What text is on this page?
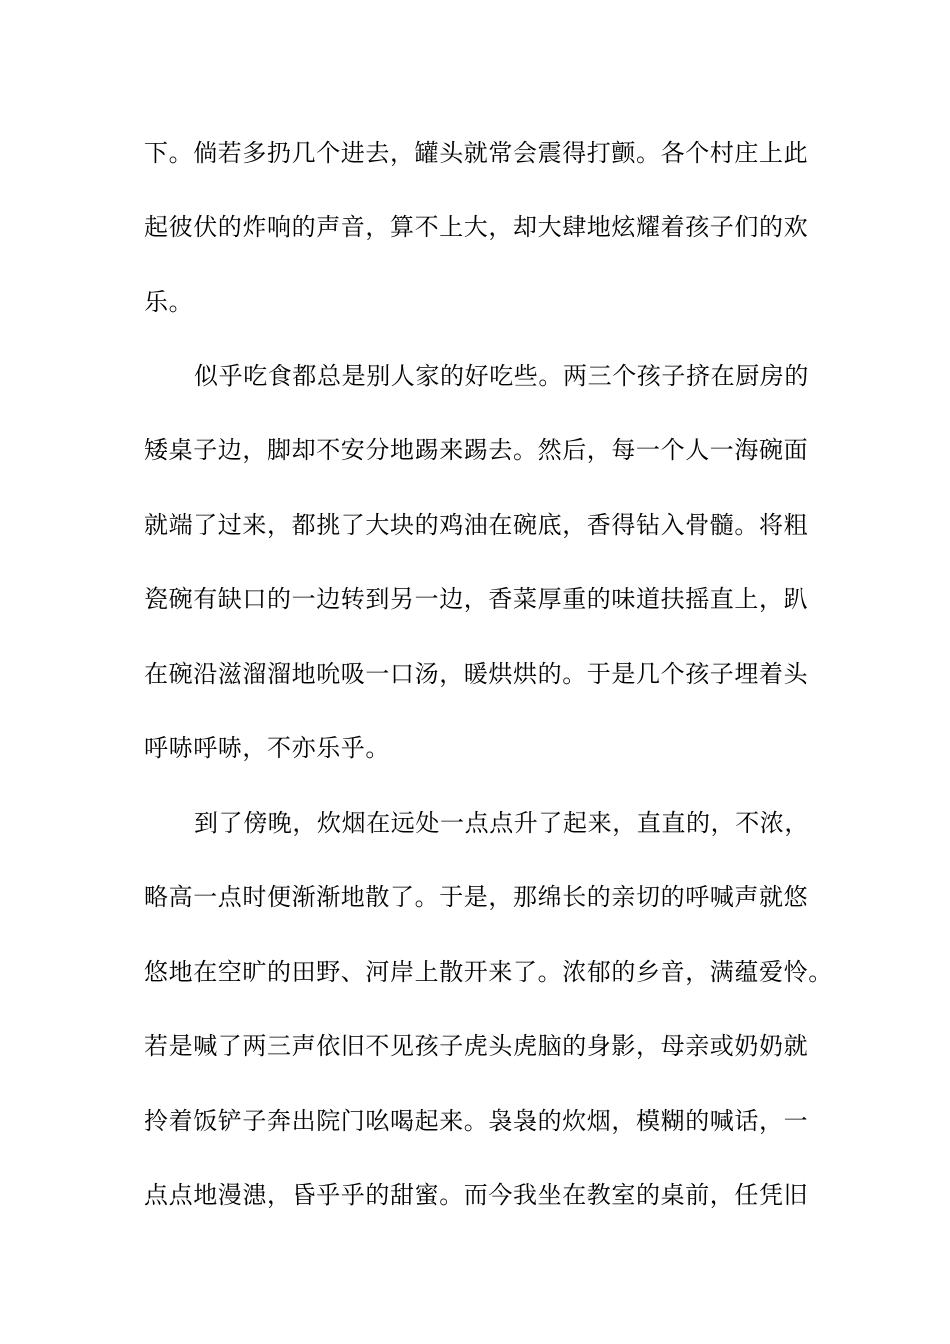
下。倘若多扔几个进去，罐头就常会震得打颤。各个村庄上此
起彼伏的炸响的声音，算不上大，却大肆地炫耀着孩子们的欢
乐。
似乎吃食都总是别人家的好吃些。两三个孩子挤在厨房的
矮桌子边，脚却不安分地踢来踢去。然后，每一个人一海碗面
就端了过来，都挑了大块的鸡油在碗底，香得钻入骨髓。将粗
瓷碗有缺口的一边转到另一边，香菜厚重的味道扶摇直上，趴
在碗沿滋溜溜地吮吸一口汤，暖烘烘的。于是几个孩子埋着头
呼哧呼哧，不亦乐乎。
到了傍晚，炊烟在远处一点点升了起来，直直的，不浓，
略高一点时便渐渐地散了。于是，那绵长的亲切的呼喊声就悠
悠地在空旷的田野、河岸上散开来了。浓郁的乡音，满蕴爱怜。
若是喊了两三声依旧不见孩子虎头虎脑的身影，母亲或奶奶就
拎着饭铲子奔出院门吆喝起来。袅袅的炊烟，模糊的喊话，一
点点地漫漶，昏乎乎的甜蜜。而今我坐在教室的桌前，任凭旧
